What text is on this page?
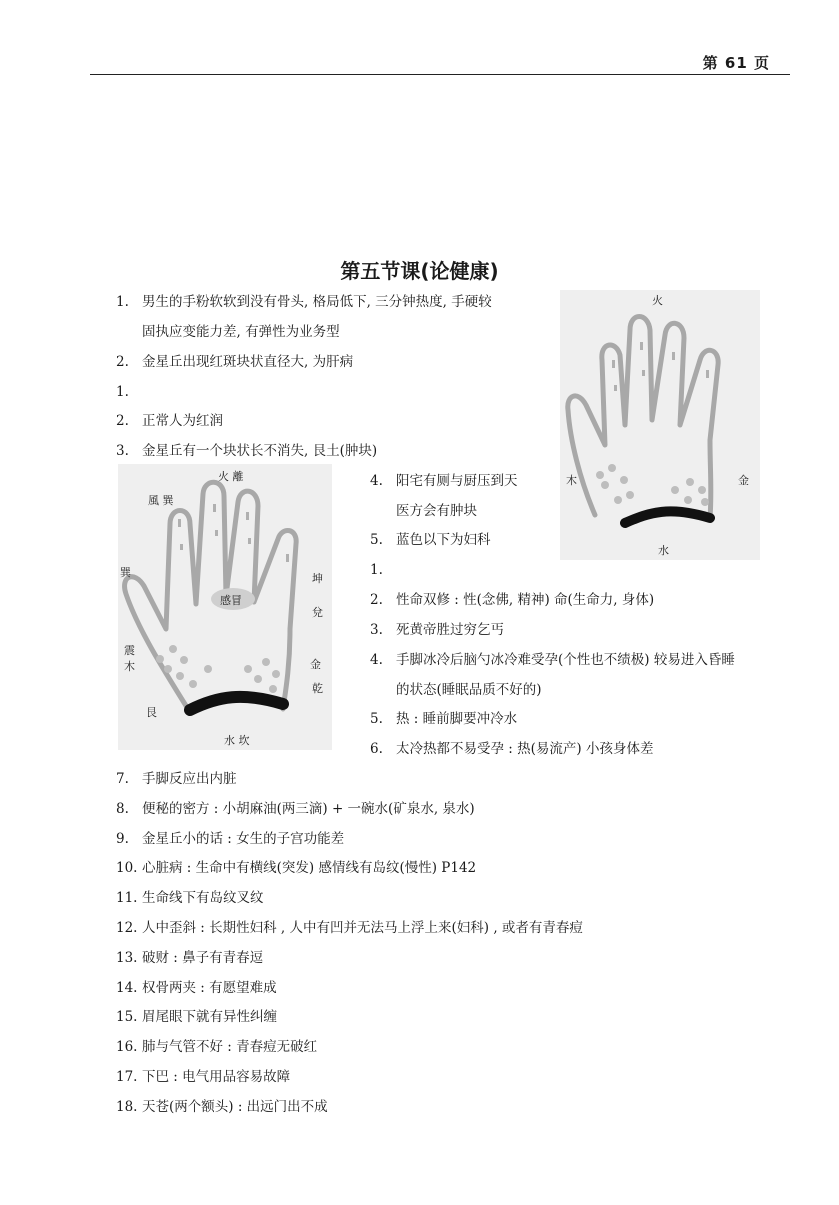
第 61 页
第五节课(论健康)
火
木	金
水
火 離
風 巽
巽
感冒
震
木
坤
兌
金
乾
艮
水 坎
1. 男生的手粉软软到没有骨头, 格局低下, 三分钟热度, 手硬较
固执应变能力差, 有弹性为业务型
2. 金星丘出现红斑块状直径大, 为肝病
1.
2. 正常人为红润
3. 金星丘有一个块状长不消失, 艮土(肿块)
4. 阳宅有厕与厨压到天
医方会有肿块
5. 蓝色以下为妇科
1.
2. 性命双修 : 性(念佛, 精神) 命(生命力, 身体)
3. 死黄帝胜过穷乞丐
4. 手脚冰冷后脑勺冰冷难受孕(个性也不绩极) 较易进入昏睡
的状态(睡眠品质不好的)
5. 热 : 睡前脚要冲冷水
6. 太冷热都不易受孕 : 热(易流产) 小孩身体差
7. 手脚反应出内脏
8. 便秘的密方 : 小胡麻油(两三滴) + 一碗水(矿泉水, 泉水)
9. 金星丘小的话 : 女生的子宫功能差
10. 心脏病 : 生命中有横线(突发) 感情线有岛纹(慢性) P142
11. 生命线下有岛纹叉纹
12. 人中歪斜 : 长期性妇科 , 人中有凹并无法马上浮上来(妇科) , 或者有青春痘
13. 破财 : 鼻子有青春逗
14. 权骨两夹 : 有愿望难成
15. 眉尾眼下就有异性纠缠
16. 肺与气管不好 : 青春痘无破红
17. 下巴 : 电气用品容易故障
18. 天苍(两个额头) : 出远门出不成
